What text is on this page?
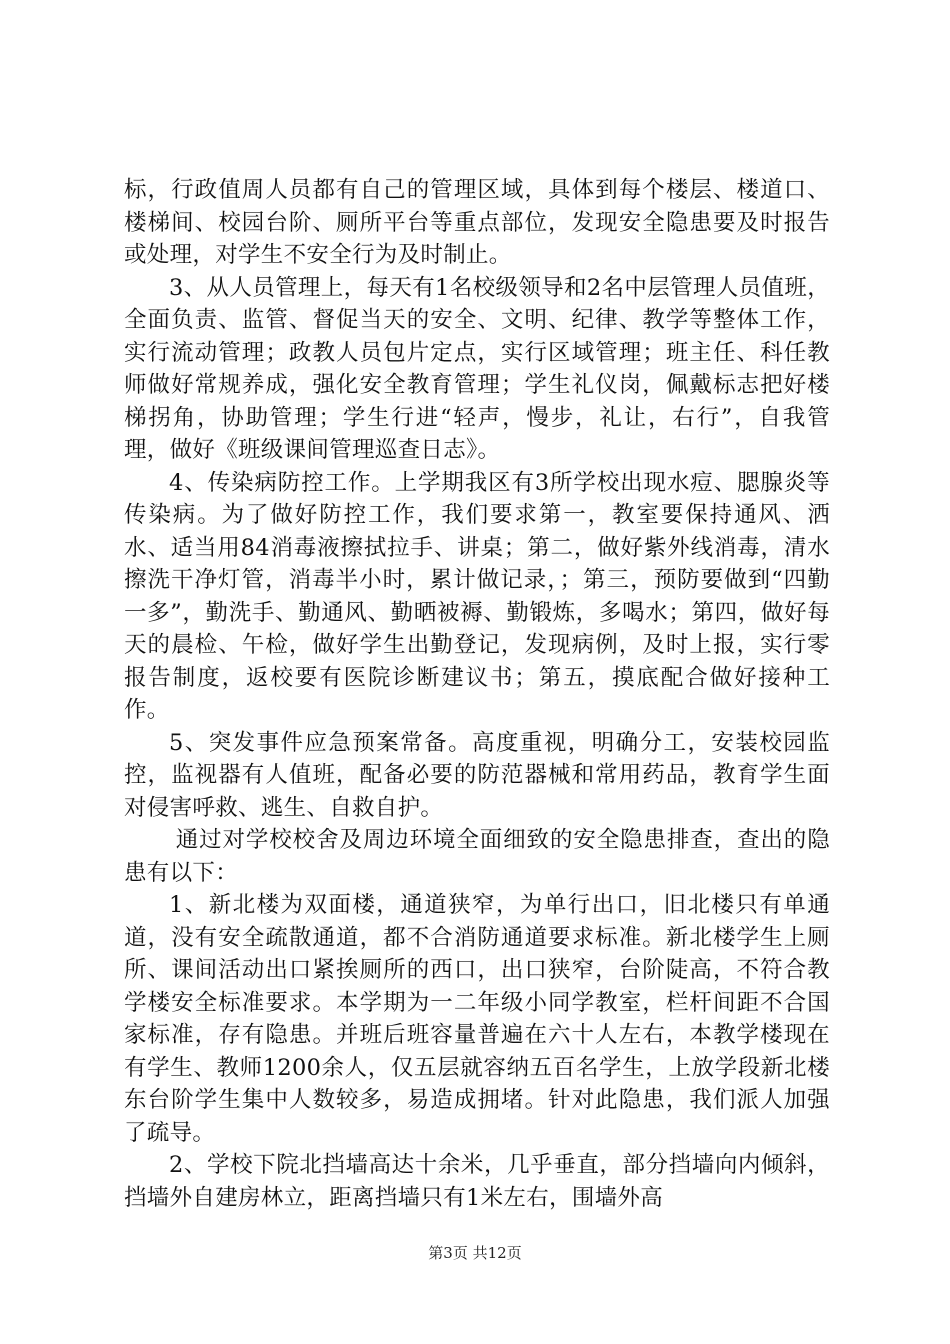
标，行政值周人员都有自己的管理区域，具体到每个楼层、楼道口、楼梯间、校园台阶、厕所平台等重点部位，发现安全隐患要及时报告或处理，对学生不安全行为及时制止。

3、从人员管理上，每天有1名校级领导和2名中层管理人员值班，全面负责、监管、督促当天的安全、文明、纪律、教学等整体工作，实行流动管理；政教人员包片定点，实行区域管理；班主任、科任教师做好常规养成，强化安全教育管理；学生礼仪岗，佩戴标志把好楼梯拐角，协助管理；学生行进“轻声，慢步，礼让，右行”，自我管理，做好《班级课间管理巡查日志》。

4、传染病防控工作。上学期我区有3所学校出现水痘、腮腺炎等传染病。为了做好防控工作，我们要求第一，教室要保持通风、洒水、适当用84消毒液擦拭拉手、讲桌；第二，做好紫外线消毒，清水擦洗干净灯管，消毒半小时，累计做记录，；第三，预防要做到“四勤一多”，勤洗手、勤通风、勤晒被褥、勤锻炼，多喝水；第四，做好每天的晨检、午检，做好学生出勤登记，发现病例，及时上报，实行零报告制度，返校要有医院诊断建议书；第五，摸底配合做好接种工作。

5、突发事件应急预案常备。高度重视，明确分工，安装校园监控，监视器有人值班，配备必要的防范器械和常用药品，教育学生面对侵害呼救、逃生、自救自护。

通过对学校校舍及周边环境全面细致的安全隐患排查，查出的隐患有以下：

1、新北楼为双面楼，通道狭窄，为单行出口，旧北楼只有单通道，没有安全疏散通道，都不合消防通道要求标准。新北楼学生上厕所、课间活动出口紧挨厕所的西口，出口狭窄，台阶陡高，不符合教学楼安全标准要求。本学期为一二年级小同学教室，栏杆间距不合国家标准，存有隐患。并班后班容量普遍在六十人左右，本教学楼现在有学生、教师1200余人，仅五层就容纳五百名学生，上放学段新北楼东台阶学生集中人数较多，易造成拥堵。针对此隐患，我们派人加强了疏导。

2、学校下院北挡墙高达十余米，几乎垂直，部分挡墙向内倾斜，挡墙外自建房林立，距离挡墙只有1米左右，围墙外高

第3页 共12页
